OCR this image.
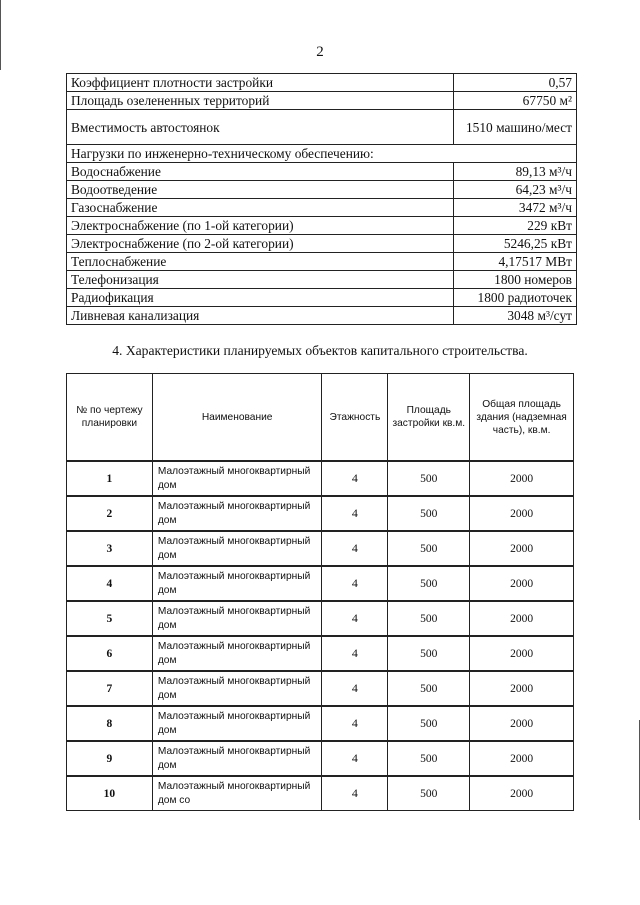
2
Коэффициент плотности застройки	0,57
Площадь озелененных территорий	67750 м²
Вместимость автостоянок	1510 машино/мест
Нагрузки по инженерно-техническому обеспечению:	
Водоснабжение	89,13 м³/ч
Водоотведение	64,23 м³/ч
Газоснабжение	3472 м³/ч
Электроснабжение (по 1-ой категории)	229 кВт
Электроснабжение (по 2-ой категории)	5246,25 кВт
Теплоснабжение	4,17517 МВт
Телефонизация	1800 номеров
Радиофикация	1800 радиоточек
Ливневая канализация	3048 м³/сут
4. Характеристики планируемых объектов капитального строительства.
№ по чертежу планировки	Наименование	Этажность	Площадь застройки кв.м.	Общая площадь здания (надземная часть), кв.м.
1	Малоэтажный многоквартирный дом	4	500	2000
2	Малоэтажный многоквартирный дом	4	500	2000
3	Малоэтажный многоквартирный дом	4	500	2000
4	Малоэтажный многоквартирный дом	4	500	2000
5	Малоэтажный многоквартирный дом	4	500	2000
6	Малоэтажный многоквартирный дом	4	500	2000
7	Малоэтажный многоквартирный дом	4	500	2000
8	Малоэтажный многоквартирный дом	4	500	2000
9	Малоэтажный многоквартирный дом	4	500	2000
10	Малоэтажный многоквартирный дом со	4	500	2000
